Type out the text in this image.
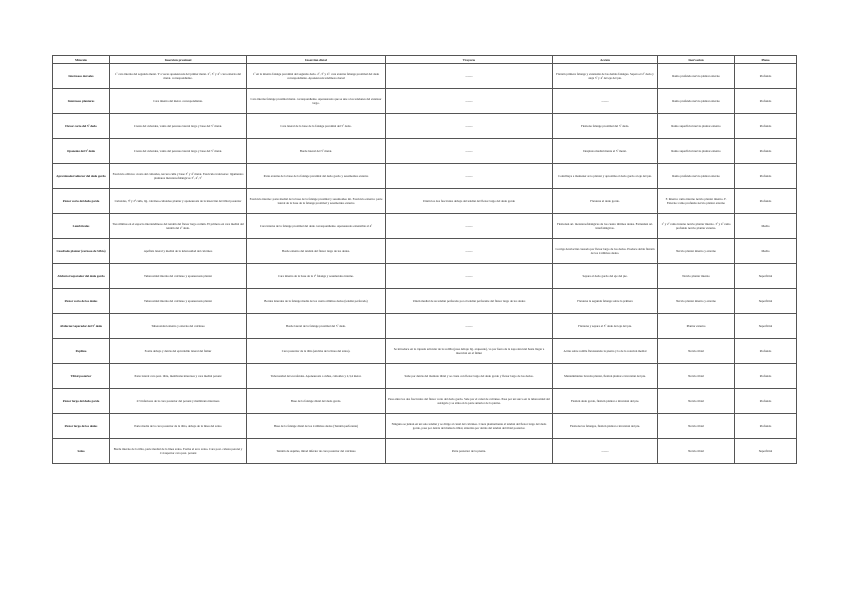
Músculo	Inserción proximal	Inserción distal	Trayecto	Acción	Inervación	Plano
Interóseos dorsales	1º cara interna del segundo metat. Y a veces aponeurosis del primer metat. 2º, 3º y 4º: cara externa del metat. correspondiente.	1º en la interna falange proximal del segundo dedo. 2º, 3º y 4º: cara externa falange proximal del dedo correspondiente. Aponeurosis tendinosa dorsal	-------	Flexión primera falange y extensión de las demás falanges. Separa el 2º dedo y aleja 3º y 4º del eje del pie.	Ramo profundo nervio plantar externo	Profundo
Interóseos plantares	Cara interna del metat. correspondiente.	Cara interna falange proximal metat. correspondiente. Aponeurosis que se une a los tendones del extensor largo.	-------	-------	Ramo profundo nervio plantar externo	Profundo
Flexor corto del 5º dedo	Cresta del cuboides, vaina del peroneo lateral largo y base del 5º metat.	Cara lateral de la base de la falange proximal del 5º dedo.	-------	Flexiona falange proximal del 5º dedo.	Ramo superficial nervio plantar externo	Profundo
Oponente del 5º dedo	Cresta del cuboides, vaina del peroneo lateral largo y base del 5º metat.	Borde lateral del 5º metat.	-------	Desplaza medial mente el 5º metat.	Ramo superficial nervio plantar externo	Profundo
Aproximador/aductor del dedo gordo	Fascículo oblicuo: cresta del cuboides, tercera cuña y base 3º y 4º metat. Fascículo transverso: ligamentos plantares metatarsofalángicos 3º, 4º, 5º	Parte externa de la base de la falange proximal del dedo gordo y sesamoideo externo	-------	Contribuye a mantener arco plantar y aproxima el dedo gordo al eje del pie.	Ramo profundo nervio plantar externo	Profundo
Flexor corto del dedo gordo	Cuboides, 3ª y 2ª cuña, lig. calcáneo-cuboideo plantar y aponeurosis de la inserción del tibial posterior	Fascículo interno: parte medial de la base de la falange proximal y sesamoideo int. Fascículo externo: parte lateral de la base de la falange proximal y sesamoideo externo	Unión los dos fascículos debajo del tendón del flexor largo del dedo gordo	Flexiona el dedo gordo.	F. Interno: ramo interno nervio plantar interno. F. Externo: ramo profundo nervio plantar externo	Profundo
Lumbricales	Tres últimos en el espacio intertendinoso del tendón del flexor largo común. El primero en cara medial del tendón del 2º dedo.	Cara interna de la falange proximal del dedo correspondiente. Aponeurosis extensible al 4º	-------	Flexionan art. metatarsofalángicas de los cuatro últimos dedos. Extienden art. interfalángicas.	1º y 2º ramo interno nervio plantar interno. 3º y 4º ramo profundo nervio plantar externo.	Medio
Cuadrado plantar (carnosa de Silvio)	Apófisis lateral y medial de la tuberosidad del calcáneo	Borde externo del tendón del flexor largo de los dedos.	-------	Corrige desviación causada por flexor largo de los dedos. Produce doble flexión de los 4 últimos dedos.	Nervio plantar interno y externo	Medio
Abductor/separador del dedo gordo	Tuberosidad interna del calcáneo y aponeurosis plantar	Cara interna de la base de la 1ª falange y sesamoideo interno.	-------	Separa el dedo gordo del eje del pie.	Nervio plantar interno	Superficial
Flexor corto de los dedos	Tuberosidad interna del calcáneo y aponeurosis plantar	Bordes laterales de la falange media de los cuatro últimos dedos (tendón perforado)	Unión medial de su tendón perforado por el tendón perforante del flexor largo de los dedos	Flexiona la segunda falange sobre la primera	Nervio plantar interno y externo	Superficial
Abductor/separador del 5º dedo	Tuberosidad externa y externa del calcáneo	Borde lateral de la falange proximal del 5º dedo.	-------	Flexiona y separa el 5º dedo del eje del pie.	Plantar externo	Superficial
Poplíteo	Fosita debajo y detrás del epicóndilo lateral del fémur	Cara posterior de la tibia (encima de la línea del sóleo).	Se introduce en la cápsula articular de la rodilla (pasa debajo lig. arqueado), va por fuera de la zapa sinovial hasta llegar a inserción en el fémur	Actúa sobre rodilla flexionando la pierna y la de la rotación medial	Nervio tibial	Profundo
Tibial posterior	Parte lateral cara post. tibia, membrana interósea y cara medial peroné	Tuberosidad del escafoides. Aponeurosis a cuñas, cuboides y 2,3,4 metat.	Sube por detrás del maléolo tibial y se cruza con flexor largo del dedo gordo y flexor largo de los dedos.	Mantenimiento bóveda plantar, flexión plantar e inversión del pie.	Nervio tibial	Profundo
Flexor largo del dedo gordo	2/3 inferiores de la cara posterior del peroné y membrana interósea	Base de la falange distal del dedo gordo.	Pasa entre los dos fascículos del flexor corto del dedo gordo. Sale por el canal de calcáneo. Pasa por un surco en la tuberosidad del astrágalo y se sitúa en la parte anterior de la pierna.	Flexión dedo gordo, flexión plantar e inversión del pie.	Nervio tibial	Profundo
Flexor largo de los dedos	Parte media de la cara posterior de la tibia, debajo de la línea del sóleo	Base de la falange distal de los 4 últimos dedos (Tendón perforante)	Ninguno se juntan en un solo tendón y se dirige al canal del calcáneo. Cruza plantarmente al tendón del flexor largo del dedo gordo, pasa por detrás del maléolo tibial, sintetiza por detrás del tendón del tibial posterior.	Flexiona las falanges, flexión plantar e inversión del pie.	Nervio tibial	Profundo
Sóleo	Borde interno de la tibia, parte medial de la línea sóleo. Forma el arco sóleo. Cara post. cabeza peroné y 1/4 superior cara post. peroné	Tendón de Aquiles, mitad inferior de cara posterior del calcáneo	Parte posterior de la pierna.	-------	Nervio tibial	Superficial
